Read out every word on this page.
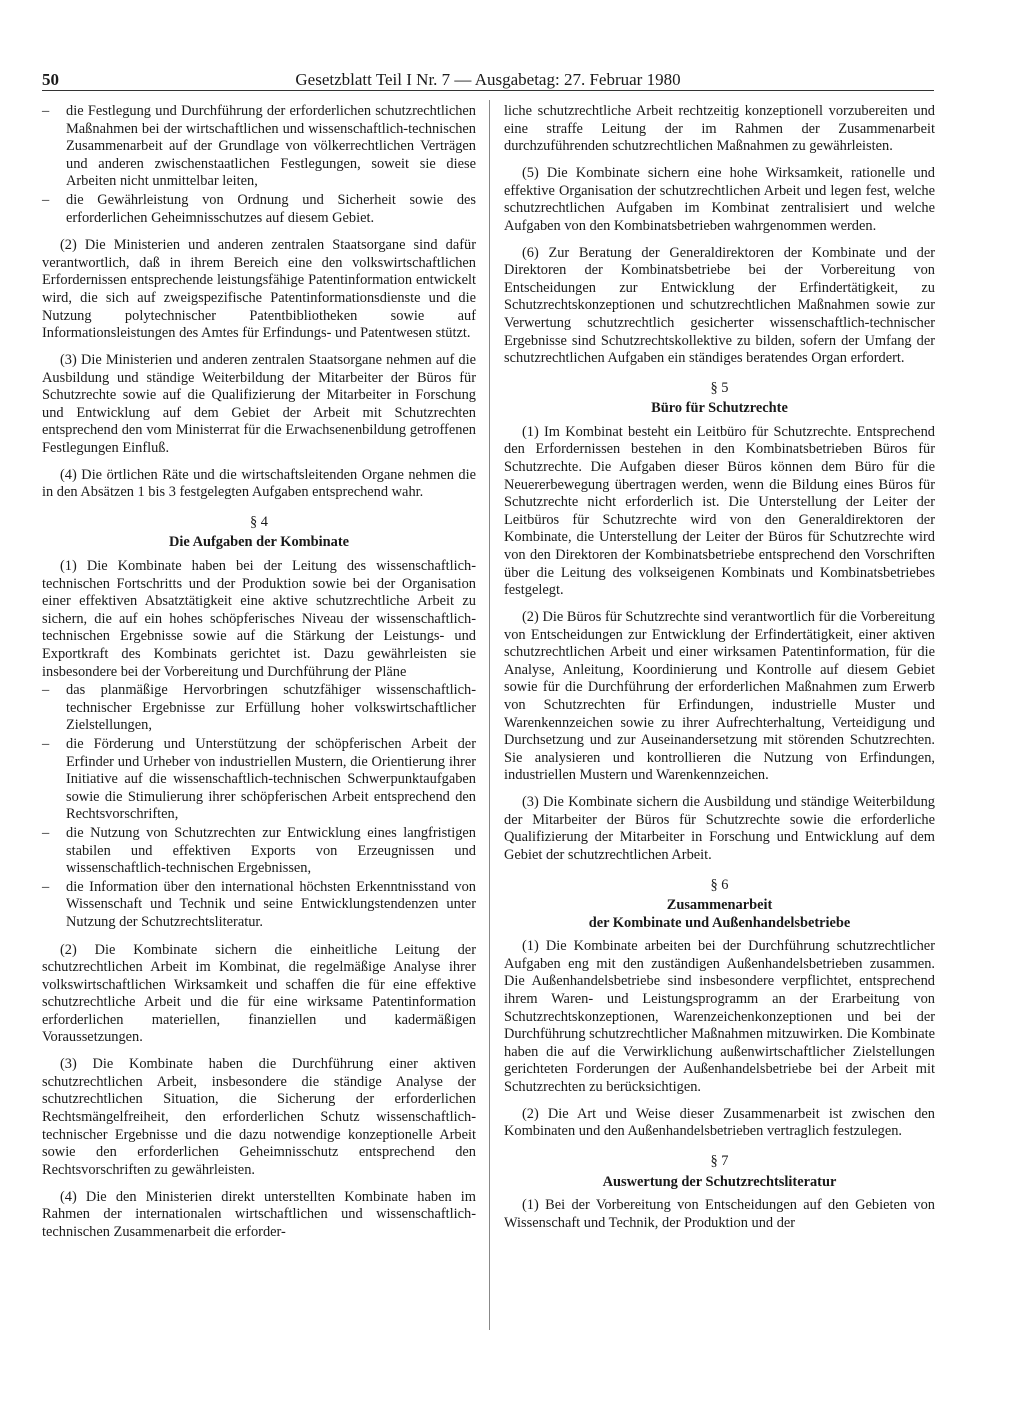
50	Gesetzblatt Teil I Nr. 7 — Ausgabetag: 27. Februar 1980
– die Festlegung und Durchführung der erforderlichen schutzrechtlichen Maßnahmen bei der wirtschaftlichen und wissenschaftlich-technischen Zusammenarbeit auf der Grundlage von völkerrechtlichen Verträgen und anderen zwischenstaatlichen Festlegungen, soweit sie diese Arbeiten nicht unmittelbar leiten,
– die Gewährleistung von Ordnung und Sicherheit sowie des erforderlichen Geheimnisschutzes auf diesem Gebiet.

(2) Die Ministerien und anderen zentralen Staatsorgane sind dafür verantwortlich, daß in ihrem Bereich eine den volkswirtschaftlichen Erfordernissen entsprechende leistungsfähige Patentinformation entwickelt wird, die sich auf zweigspezifische Patentinformationsdienste und die Nutzung polytechnischer Patentbibliotheken sowie auf Informationsleistungen des Amtes für Erfindungs- und Patentwesen stützt.

(3) Die Ministerien und anderen zentralen Staatsorgane nehmen auf die Ausbildung und ständige Weiterbildung der Mitarbeiter der Büros für Schutzrechte sowie auf die Qualifizierung der Mitarbeiter in Forschung und Entwicklung auf dem Gebiet der Arbeit mit Schutzrechten entsprechend den vom Ministerrat für die Erwachsenenbildung getroffenen Festlegungen Einfluß.

(4) Die örtlichen Räte und die wirtschaftsleitenden Organe nehmen die in den Absätzen 1 bis 3 festgelegten Aufgaben entsprechend wahr.

§ 4
Die Aufgaben der Kombinate

(1) Die Kombinate haben bei der Leitung des wissenschaftlich-technischen Fortschritts und der Produktion sowie bei der Organisation einer effektiven Absatztätigkeit eine aktive schutzrechtliche Arbeit zu sichern, die auf ein hohes schöpferisches Niveau der wissenschaftlich-technischen Ergebnisse sowie auf die Stärkung der Leistungs- und Exportkraft des Kombinats gerichtet ist. Dazu gewährleisten sie insbesondere bei der Vorbereitung und Durchführung der Pläne

– das planmäßige Hervorbringen schutzfähiger wissenschaftlich-technischer Ergebnisse zur Erfüllung hoher volkswirtschaftlicher Zielstellungen,
– die Förderung und Unterstützung der schöpferischen Arbeit der Erfinder und Urheber von industriellen Mustern, die Orientierung ihrer Initiative auf die wissenschaftlich-technischen Schwerpunktaufgaben sowie die Stimulierung ihrer schöpferischen Arbeit entsprechend den Rechtsvorschriften,
– die Nutzung von Schutzrechten zur Entwicklung eines langfristigen stabilen und effektiven Exports von Erzeugnissen und wissenschaftlich-technischen Ergebnissen,
– die Information über den international höchsten Erkenntnisstand von Wissenschaft und Technik und seine Entwicklungstendenzen unter Nutzung der Schutzrechtsliteratur.

(2) Die Kombinate sichern die einheitliche Leitung der schutzrechtlichen Arbeit im Kombinat, die regelmäßige Analyse ihrer volkswirtschaftlichen Wirksamkeit und schaffen die für eine effektive schutzrechtliche Arbeit und die für eine wirksame Patentinformation erforderlichen materiellen, finanziellen und kadermäßigen Voraussetzungen.

(3) Die Kombinate haben die Durchführung einer aktiven schutzrechtlichen Arbeit, insbesondere die ständige Analyse der schutzrechtlichen Situation, die Sicherung der erforderlichen Rechtsmängelfreiheit, den erforderlichen Schutz wissenschaftlich-technischer Ergebnisse und die dazu notwendige konzeptionelle Arbeit sowie den erforderlichen Geheimnisschutz entsprechend den Rechtsvorschriften zu gewährleisten.

(4) Die den Ministerien direkt unterstellten Kombinate haben im Rahmen der internationalen wirtschaftlichen und wissenschaftlich-technischen Zusammenarbeit die erforder-

liche schutzrechtliche Arbeit rechtzeitig konzeptionell vorzubereiten und eine straffe Leitung der im Rahmen der Zusammenarbeit durchzuführenden schutzrechtlichen Maßnahmen zu gewährleisten.

(5) Die Kombinate sichern eine hohe Wirksamkeit, rationelle und effektive Organisation der schutzrechtlichen Arbeit und legen fest, welche schutzrechtlichen Aufgaben im Kombinat zentralisiert und welche Aufgaben von den Kombinatsbetrieben wahrgenommen werden.

(6) Zur Beratung der Generaldirektoren der Kombinate und der Direktoren der Kombinatsbetriebe bei der Vorbereitung von Entscheidungen zur Entwicklung der Erfindertätigkeit, zu Schutzrechtskonzeptionen und schutzrechtlichen Maßnahmen sowie zur Verwertung schutzrechtlich gesicherter wissenschaftlich-technischer Ergebnisse sind Schutzrechtskollektive zu bilden, sofern der Umfang der schutzrechtlichen Aufgaben ein ständiges beratendes Organ erfordert.

§ 5
Büro für Schutzrechte

(1) Im Kombinat besteht ein Leitbüro für Schutzrechte. Entsprechend den Erfordernissen bestehen in den Kombinatsbetrieben Büros für Schutzrechte. Die Aufgaben dieser Büros können dem Büro für die Neuererbewegung übertragen werden, wenn die Bildung eines Büros für Schutzrechte nicht erforderlich ist. Die Unterstellung der Leiter der Leitbüros für Schutzrechte wird von den Generaldirektoren der Kombinate, die Unterstellung der Leiter der Büros für Schutzrechte wird von den Direktoren der Kombinatsbetriebe entsprechend den Vorschriften über die Leitung des volkseigenen Kombinats und Kombinatsbetriebes festgelegt.

(2) Die Büros für Schutzrechte sind verantwortlich für die Vorbereitung von Entscheidungen zur Entwicklung der Erfindertätigkeit, einer aktiven schutzrechtlichen Arbeit und einer wirksamen Patentinformation, für die Analyse, Anleitung, Koordinierung und Kontrolle auf diesem Gebiet sowie für die Durchführung der erforderlichen Maßnahmen zum Erwerb von Schutzrechten für Erfindungen, industrielle Muster und Warenkennzeichen sowie zu ihrer Aufrechterhaltung, Verteidigung und Durchsetzung und zur Auseinandersetzung mit störenden Schutzrechten. Sie analysieren und kontrollieren die Nutzung von Erfindungen, industriellen Mustern und Warenkennzeichen.

(3) Die Kombinate sichern die Ausbildung und ständige Weiterbildung der Mitarbeiter der Büros für Schutzrechte sowie die erforderliche Qualifizierung der Mitarbeiter in Forschung und Entwicklung auf dem Gebiet der schutzrechtlichen Arbeit.

§ 6
Zusammenarbeit
der Kombinate und Außenhandelsbetriebe

(1) Die Kombinate arbeiten bei der Durchführung schutzrechtlicher Aufgaben eng mit den zuständigen Außenhandelsbetrieben zusammen. Die Außenhandelsbetriebe sind insbesondere verpflichtet, entsprechend ihrem Waren- und Leistungsprogramm an der Erarbeitung von Schutzrechtskonzeptionen, Warenzeichenkonzeptionen und bei der Durchführung schutzrechtlicher Maßnahmen mitzuwirken. Die Kombinate haben die auf die Verwirklichung außenwirtschaftlicher Zielstellungen gerichteten Forderungen der Außenhandelsbetriebe bei der Arbeit mit Schutzrechten zu berücksichtigen.

(2) Die Art und Weise dieser Zusammenarbeit ist zwischen den Kombinaten und den Außenhandelsbetrieben vertraglich festzulegen.

§ 7
Auswertung der Schutzrechtsliteratur

(1) Bei der Vorbereitung von Entscheidungen auf den Gebieten von Wissenschaft und Technik, der Produktion und der
